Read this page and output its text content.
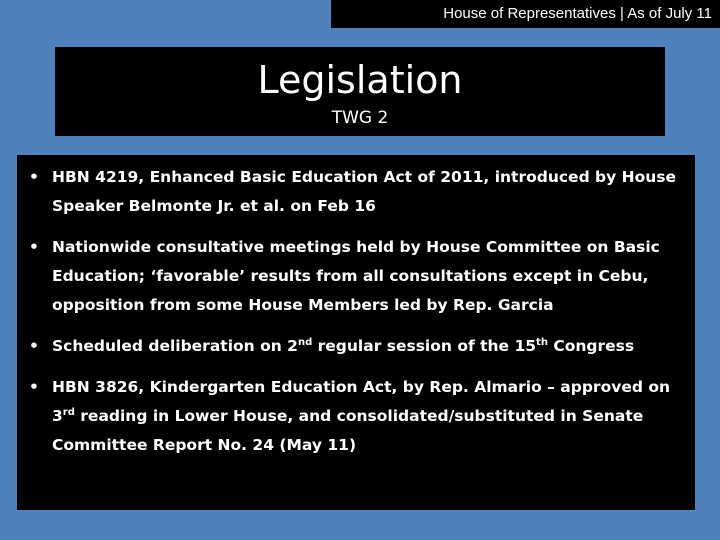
House of Representatives | As of July 11
Legislation
TWG 2
• HBN 4219, Enhanced Basic Education Act of 2011, introduced by House Speaker Belmonte Jr. et al. on Feb 16
• Nationwide consultative meetings held by House Committee on Basic Education; ‘favorable’ results from all consultations except in Cebu, opposition from some House Members led by Rep. Garcia
• Scheduled deliberation on 2nd regular session of the 15th Congress
• HBN 3826, Kindergarten Education Act, by Rep. Almario – approved on 3rd reading in Lower House, and consolidated/substituted in Senate Committee Report No. 24 (May 11)
